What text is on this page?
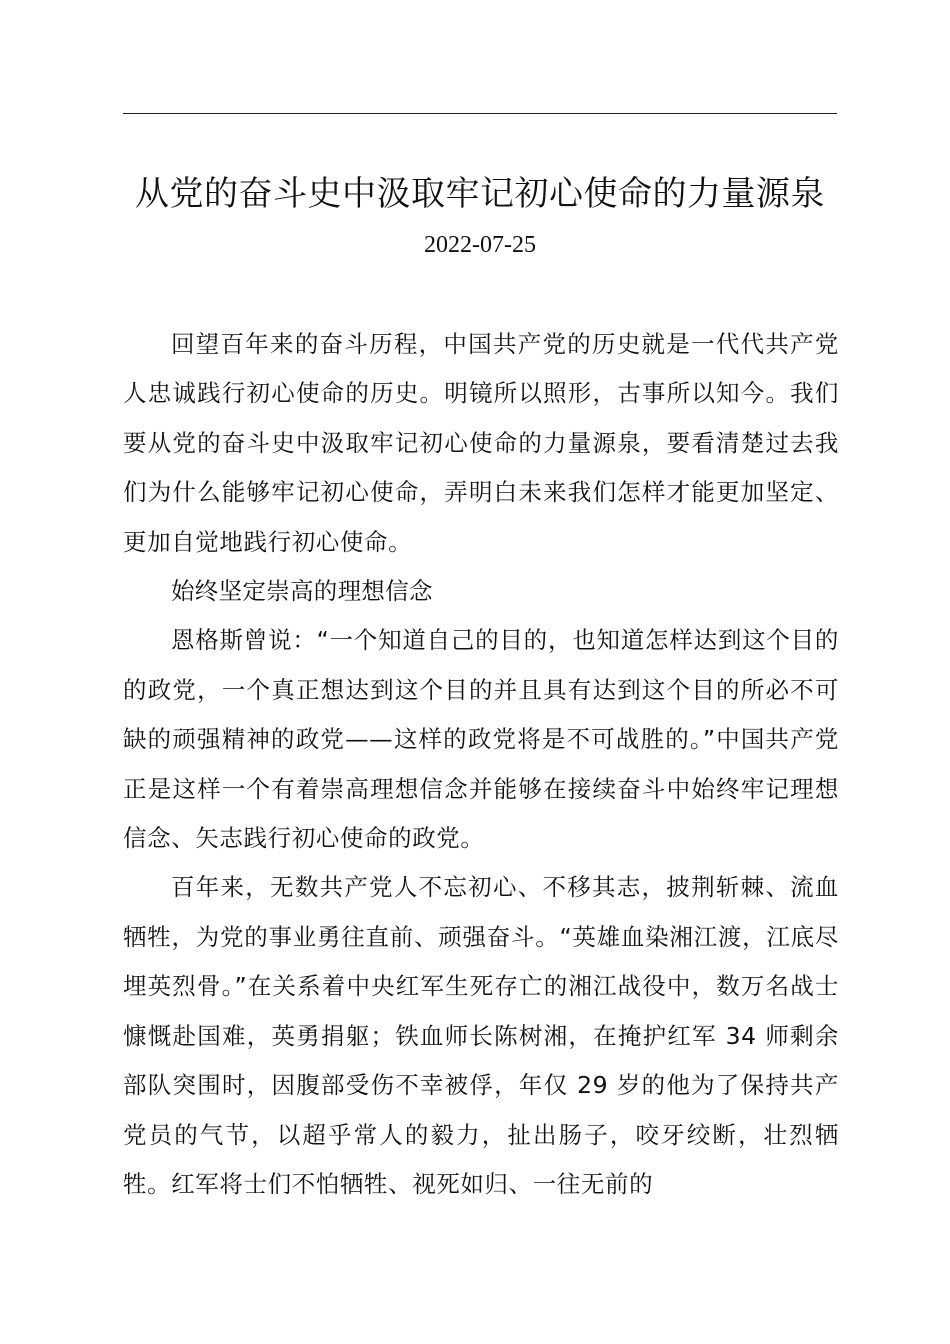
从党的奋斗史中汲取牢记初心使命的力量源泉

2022-07-25

回望百年来的奋斗历程，中国共产党的历史就是一代代共产党人忠诚践行初心使命的历史。明镜所以照形，古事所以知今。我们要从党的奋斗史中汲取牢记初心使命的力量源泉，要看清楚过去我们为什么能够牢记初心使命，弄明白未来我们怎样才能更加坚定、更加自觉地践行初心使命。

始终坚定崇高的理想信念

恩格斯曾说：“一个知道自己的目的，也知道怎样达到这个目的的政党，一个真正想达到这个目的并且具有达到这个目的所必不可缺的顽强精神的政党——这样的政党将是不可战胜的。”中国共产党正是这样一个有着崇高理想信念并能够在接续奋斗中始终牢记理想信念、矢志践行初心使命的政党。

百年来，无数共产党人不忘初心、不移其志，披荆斩棘、流血牺牲，为党的事业勇往直前、顽强奋斗。“英雄血染湘江渡，江底尽埋英烈骨。”在关系着中央红军生死存亡的湘江战役中，数万名战士慷慨赴国难，英勇捐躯；铁血师长陈树湘，在掩护红军 34 师剩余部队突围时，因腹部受伤不幸被俘，年仅 29 岁的他为了保持共产党员的气节，以超乎常人的毅力，扯出肠子，咬牙绞断，壮烈牺牲。红军将士们不怕牺牲、视死如归、一往无前的
